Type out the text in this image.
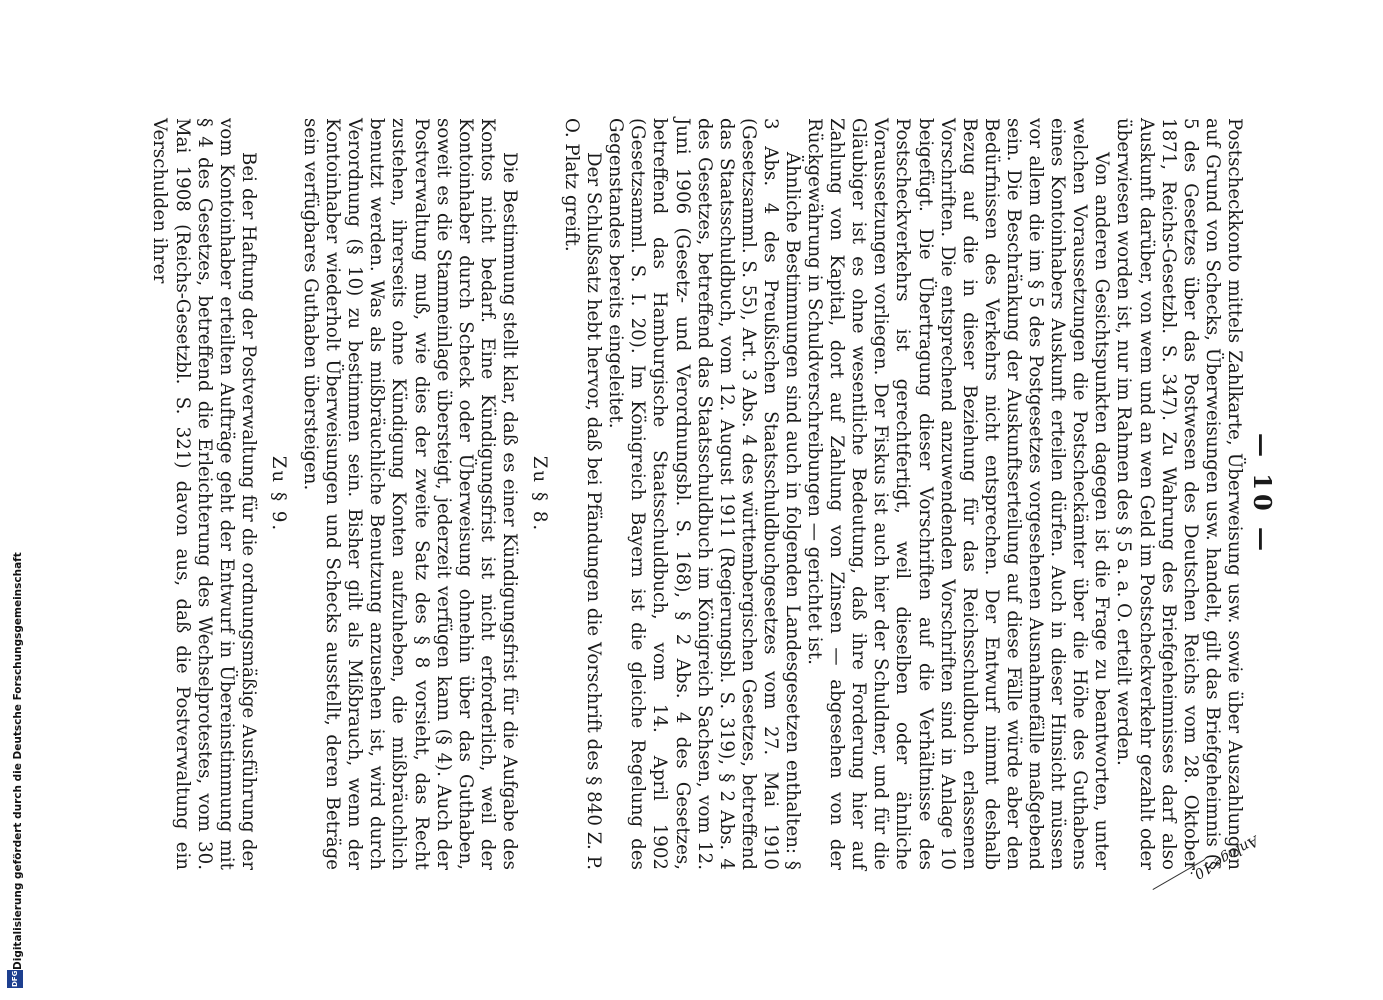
Anlage 10.
— 10 —

Postscheckkonto mittels Zahlkarte, Überweisung usw. sowie über Auszahlungen auf Grund von Schecks, Überweisungen usw. handelt, gilt das Briefgeheimnis (§ 5 des Gesetzes über das Postwesen des Deutschen Reichs vom 28. Oktober 1871, Reichs-Gesetzbl. S. 347). Zu Wahrung des Briefgeheimnisses darf also Auskunft darüber, von wem und an wen Geld im Postscheckverkehr gezahlt oder überwiesen worden ist, nur im Rahmen des § 5 a. a. O. erteilt werden.

Von anderen Gesichtspunkten dagegen ist die Frage zu beantworten, unter welchen Voraussetzungen die Postscheckämter über die Höhe des Guthabens eines Kontoinhabers Auskunft erteilen dürfen. Auch in dieser Hinsicht müssen vor allem die im § 5 des Postgesetzes vorgesehenen Ausnahmefälle maßgebend sein. Die Beschränkung der Auskunftserteilung auf diese Fälle würde aber den Bedürfnissen des Verkehrs nicht entsprechen. Der Entwurf nimmt deshalb Bezug auf die in dieser Beziehung für das Reichsschuldbuch erlassenen Vorschriften. Die entsprechend anzuwendenden Vorschriften sind in Anlage 10 beigefügt. Die Übertragung dieser Vorschriften auf die Verhältnisse des Postscheckverkehrs ist gerechtfertigt, weil dieselben oder ähnliche Voraussetzungen vorliegen. Der Fiskus ist auch hier der Schuldner, und für die Gläubiger ist es ohne wesentliche Bedeutung, daß ihre Forderung hier auf Zahlung von Kapital, dort auf Zahlung von Zinsen — abgesehen von der Rückgewährung in Schuldverschreibungen — gerichtet ist.

Ähnliche Bestimmungen sind auch in folgenden Landesgesetzen enthalten: § 3 Abs. 4 des Preußischen Staatsschuldbuchgesetzes vom 27. Mai 1910 (Gesetzsamml. S. 55), Art. 3 Abs. 4 des württembergischen Gesetzes, betreffend das Staatsschuldbuch, vom 12. August 1911 (Regierungsbl. S. 319), § 2 Abs. 4 des Gesetzes, betreffend das Staatsschuldbuch im Königreich Sachsen, vom 12. Juni 1906 (Gesetz- und Verordnungsbl. S. 168), § 2 Abs. 4 des Gesetzes, betreffend das Hamburgische Staatsschuldbuch, vom 14. April 1902 (Gesetzsamml. S. I. 20). Im Königreich Bayern ist die gleiche Regelung des Gegenstandes bereits eingeleitet.

Der Schlußsatz hebt hervor, daß bei Pfändungen die Vorschrift des § 840 Z. P. O. Platz greift.

Zu § 8.

Die Bestimmung stellt klar, daß es einer Kündigungsfrist für die Aufgabe des Kontos nicht bedarf. Eine Kündigungsfrist ist nicht erforderlich, weil der Kontoinhaber durch Scheck oder Überweisung ohnehin über das Guthaben, soweit es die Stammeinlage übersteigt, jederzeit verfügen kann (§ 4). Auch der Postverwaltung muß, wie dies der zweite Satz des § 8 vorsieht, das Recht zustehen, ihrerseits ohne Kündigung Konten aufzuheben, die mißbräuchlich benutzt werden. Was als mißbräuchliche Benutzung anzusehen ist, wird durch Verordnung (§ 10) zu bestimmen sein. Bisher gilt als Mißbrauch, wenn der Kontoinhaber wiederholt Überweisungen und Schecks ausstellt, deren Beträge sein verfügbares Guthaben übersteigen.

Zu § 9.

Bei der Haftung der Postverwaltung für die ordnungsmäßige Ausführung der vom Kontoinhaber erteilten Aufträge geht der Entwurf in Übereinstimmung mit § 4 des Gesetzes, betreffend die Erleichterung des Wechselprotestes, vom 30. Mai 1908 (Reichs-Gesetzbl. S. 321) davon aus, daß die Postverwaltung ein Verschulden ihrer

Digitalisierung gefördert durch die Deutsche Forschungsgemeinschaft
DFG
